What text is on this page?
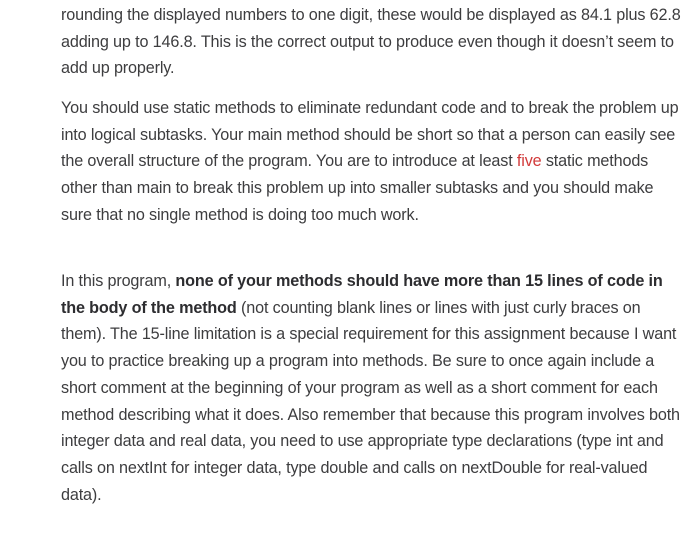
rounding the displayed numbers to one digit, these would be displayed as 84.1 plus 62.8 adding up to 146.8. This is the correct output to produce even though it doesn’t seem to add up properly.

You should use static methods to eliminate redundant code and to break the problem up into logical subtasks. Your main method should be short so that a person can easily see the overall structure of the program. You are to introduce at least five static methods other than main to break this problem up into smaller subtasks and you should make sure that no single method is doing too much work.

In this program, none of your methods should have more than 15 lines of code in the body of the method (not counting blank lines or lines with just curly braces on them). The 15-line limitation is a special requirement for this assignment because I want you to practice breaking up a program into methods. Be sure to once again include a short comment at the beginning of your program as well as a short comment for each method describing what it does. Also remember that because this program involves both integer data and real data, you need to use appropriate type declarations (type int and calls on nextInt for integer data, type double and calls on nextDouble for real-valued data).
